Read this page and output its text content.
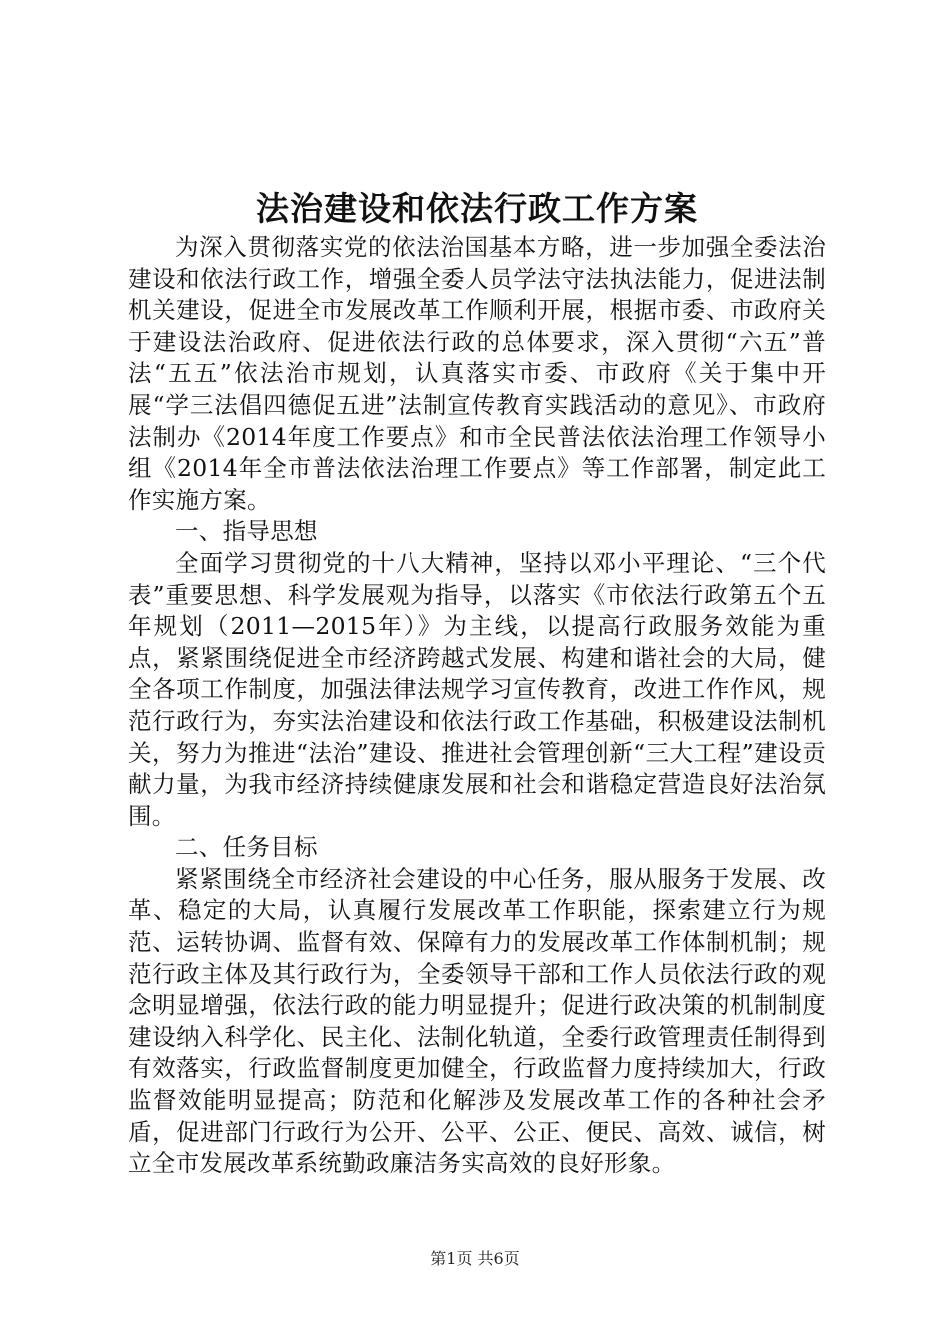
法治建设和依法行政工作方案

为深入贯彻落实党的依法治国基本方略，进一步加强全委法治建设和依法行政工作，增强全委人员学法守法执法能力，促进法制机关建设，促进全市发展改革工作顺利开展，根据市委、市政府关于建设法治政府、促进依法行政的总体要求，深入贯彻“六五”普法“五五”依法治市规划，认真落实市委、市政府《关于集中开展“学三法倡四德促五进”法制宣传教育实践活动的意见》、市政府法制办《2014年度工作要点》和市全民普法依法治理工作领导小组《2014年全市普法依法治理工作要点》等工作部署，制定此工作实施方案。

一、指导思想

全面学习贯彻党的十八大精神，坚持以邓小平理论、“三个代表”重要思想、科学发展观为指导，以落实《市依法行政第五个五年规划（2011—2015年）》为主线，以提高行政服务效能为重点，紧紧围绕促进全市经济跨越式发展、构建和谐社会的大局，健全各项工作制度，加强法律法规学习宣传教育，改进工作作风，规范行政行为，夯实法治建设和依法行政工作基础，积极建设法制机关，努力为推进“法治”建设、推进社会管理创新“三大工程”建设贡献力量，为我市经济持续健康发展和社会和谐稳定营造良好法治氛围。

二、任务目标

紧紧围绕全市经济社会建设的中心任务，服从服务于发展、改革、稳定的大局，认真履行发展改革工作职能，探索建立行为规范、运转协调、监督有效、保障有力的发展改革工作体制机制；规范行政主体及其行政行为，全委领导干部和工作人员依法行政的观念明显增强，依法行政的能力明显提升；促进行政决策的机制制度建设纳入科学化、民主化、法制化轨道，全委行政管理责任制得到有效落实，行政监督制度更加健全，行政监督力度持续加大，行政监督效能明显提高；防范和化解涉及发展改革工作的各种社会矛盾，促进部门行政行为公开、公平、公正、便民、高效、诚信，树立全市发展改革系统勤政廉洁务实高效的良好形象。

第1页 共6页
